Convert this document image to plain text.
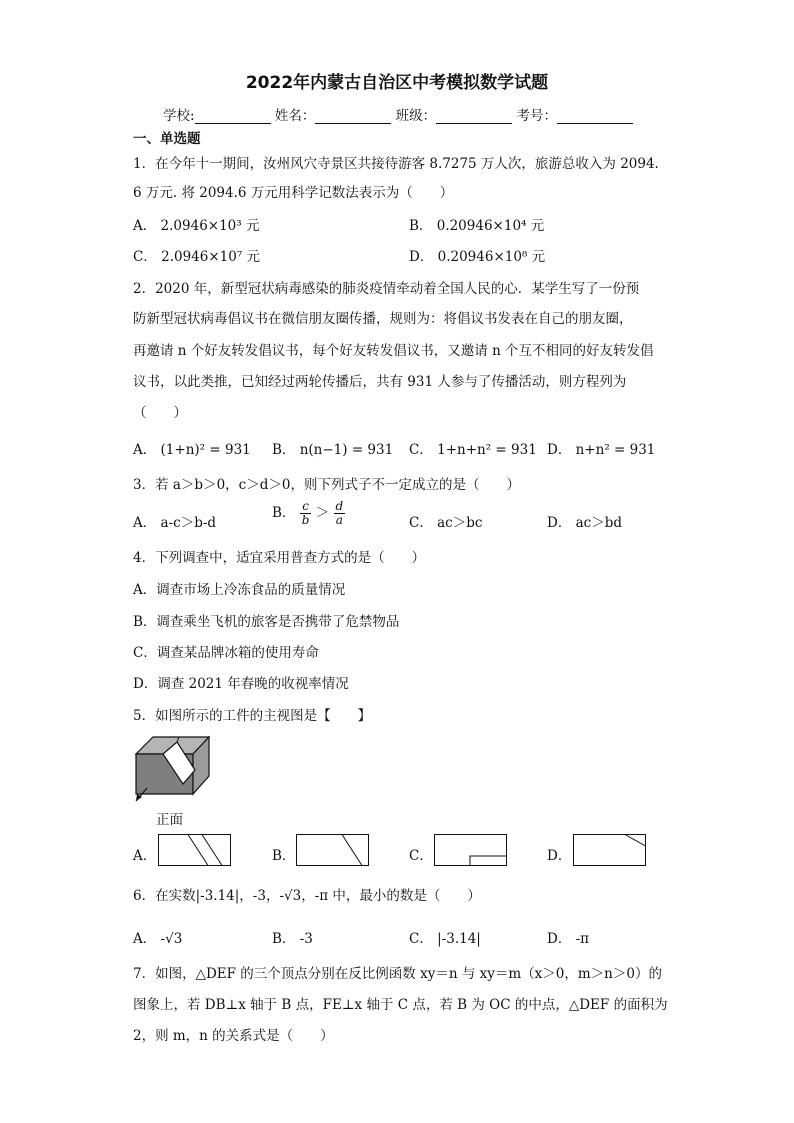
2022年内蒙古自治区中考模拟数学试题
学校:	姓名：	班级：	考号：
一、单选题
1．在今年十一期间，汝州风穴寺景区共接待游客 8.7275 万人次，旅游总收入为 2094.
6 万元. 将 2094.6 万元用科学记数法表示为（　　）
A． 2.0946×10³ 元	B． 0.20946×10⁴ 元
C． 2.0946×10⁷ 元	D． 0.20946×10⁸ 元
2．2020 年，新型冠状病毒感染的肺炎疫情牵动着全国人民的心．某学生写了一份预
防新型冠状病毒倡议书在微信朋友圈传播，规则为：将倡议书发表在自己的朋友圈，
再邀请 n 个好友转发倡议书，每个好友转发倡议书，又邀请 n 个互不相同的好友转发倡
议书，以此类推，已知经过两轮传播后，共有 931 人参与了传播活动，则方程列为
（　　）
A． (1+n)² = 931 B． n(n−1) = 931 C． 1+n+n² = 931 D． n+n² = 931
3．若 a＞b＞0，c＞d＞0，则下列式子不一定成立的是（　　）
A． a-c＞b-d
B． $\frac{c}{b} > \frac{d}{a}$	C． ac＞bc	D． ac＞bd
4．下列调查中，适宜采用普查方式的是（　　）
A．调查市场上冷冻食品的质量情况
B．调查乘坐飞机的旅客是否携带了危禁物品
C．调查某品牌冰箱的使用寿命
D．调查 2021 年春晚的收视率情况
5．如图所示的工件的主视图是【　　】
正面
A．	B．	C．	D．
6．在实数|-3.14|，-3，-√3，-π 中，最小的数是（　　）
A． -√3	B． -3	C． |-3.14|	D． -π
7．如图，△DEF 的三个顶点分别在反比例函数 xy＝n 与 xy＝m（x＞0，m＞n＞0）的
图象上，若 DB⊥x 轴于 B 点，FE⊥x 轴于 C 点，若 B 为 OC 的中点，△DEF 的面积为
2，则 m，n 的关系式是（　　）
